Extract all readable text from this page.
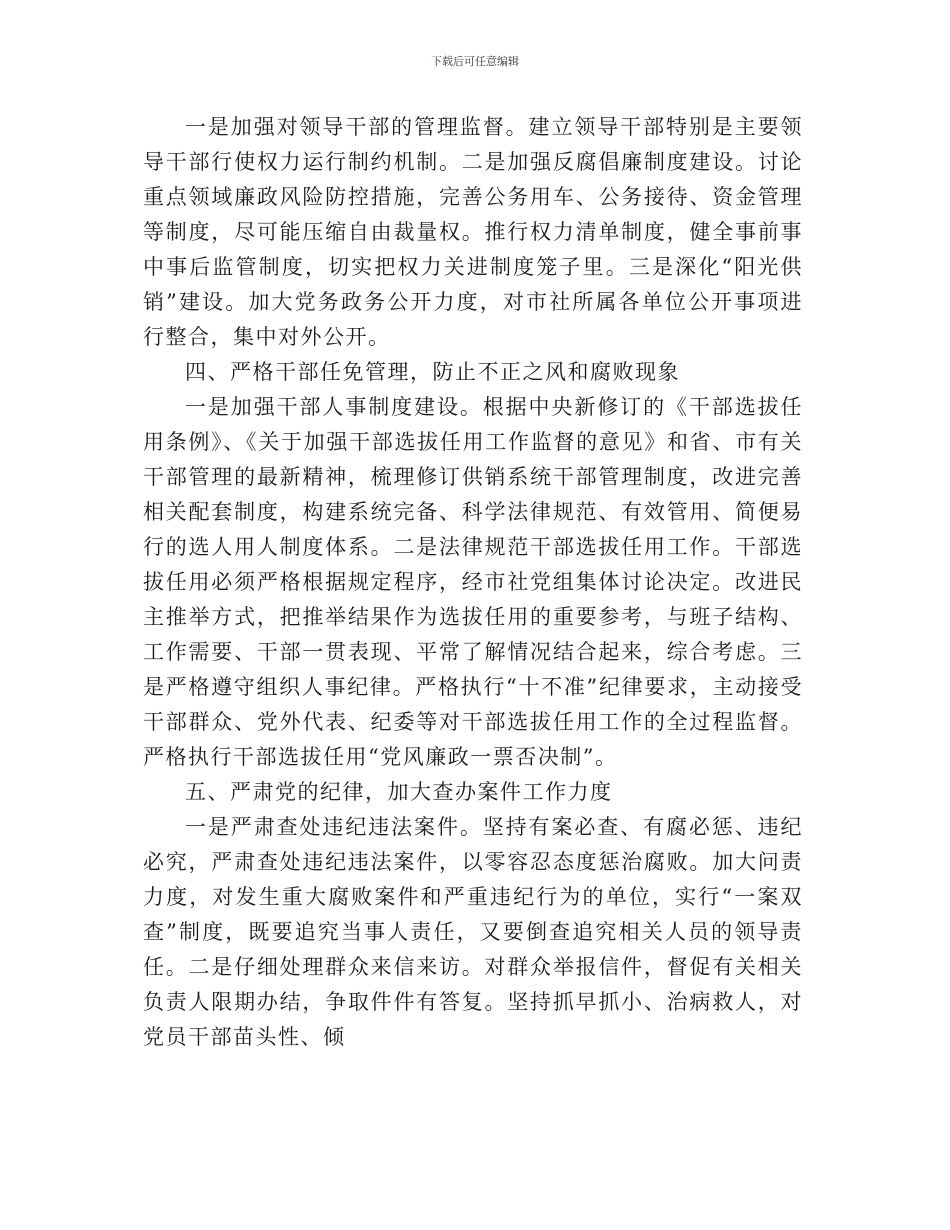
下载后可任意编辑

一是加强对领导干部的管理监督。建立领导干部特别是主要领导干部行使权力运行制约机制。二是加强反腐倡廉制度建设。讨论重点领域廉政风险防控措施，完善公务用车、公务接待、资金管理等制度，尽可能压缩自由裁量权。推行权力清单制度，健全事前事中事后监管制度，切实把权力关进制度笼子里。三是深化“阳光供销”建设。加大党务政务公开力度，对市社所属各单位公开事项进行整合，集中对外公开。

四、严格干部任免管理，防止不正之风和腐败现象

一是加强干部人事制度建设。根据中央新修订的《干部选拔任用条例》、《关于加强干部选拔任用工作监督的意见》和省、市有关干部管理的最新精神，梳理修订供销系统干部管理制度，改进完善相关配套制度，构建系统完备、科学法律规范、有效管用、简便易行的选人用人制度体系。二是法律规范干部选拔任用工作。干部选拔任用必须严格根据规定程序，经市社党组集体讨论决定。改进民主推举方式，把推举结果作为选拔任用的重要参考，与班子结构、工作需要、干部一贯表现、平常了解情况结合起来，综合考虑。三是严格遵守组织人事纪律。严格执行“十不准”纪律要求，主动接受干部群众、党外代表、纪委等对干部选拔任用工作的全过程监督。严格执行干部选拔任用“党风廉政一票否决制”。

五、严肃党的纪律，加大查办案件工作力度

一是严肃查处违纪违法案件。坚持有案必查、有腐必惩、违纪必究，严肃查处违纪违法案件，以零容忍态度惩治腐败。加大问责力度，对发生重大腐败案件和严重违纪行为的单位，实行“一案双查”制度，既要追究当事人责任，又要倒查追究相关人员的领导责任。二是仔细处理群众来信来访。对群众举报信件，督促有关相关负责人限期办结，争取件件有答复。坚持抓早抓小、治病救人，对党员干部苗头性、倾
